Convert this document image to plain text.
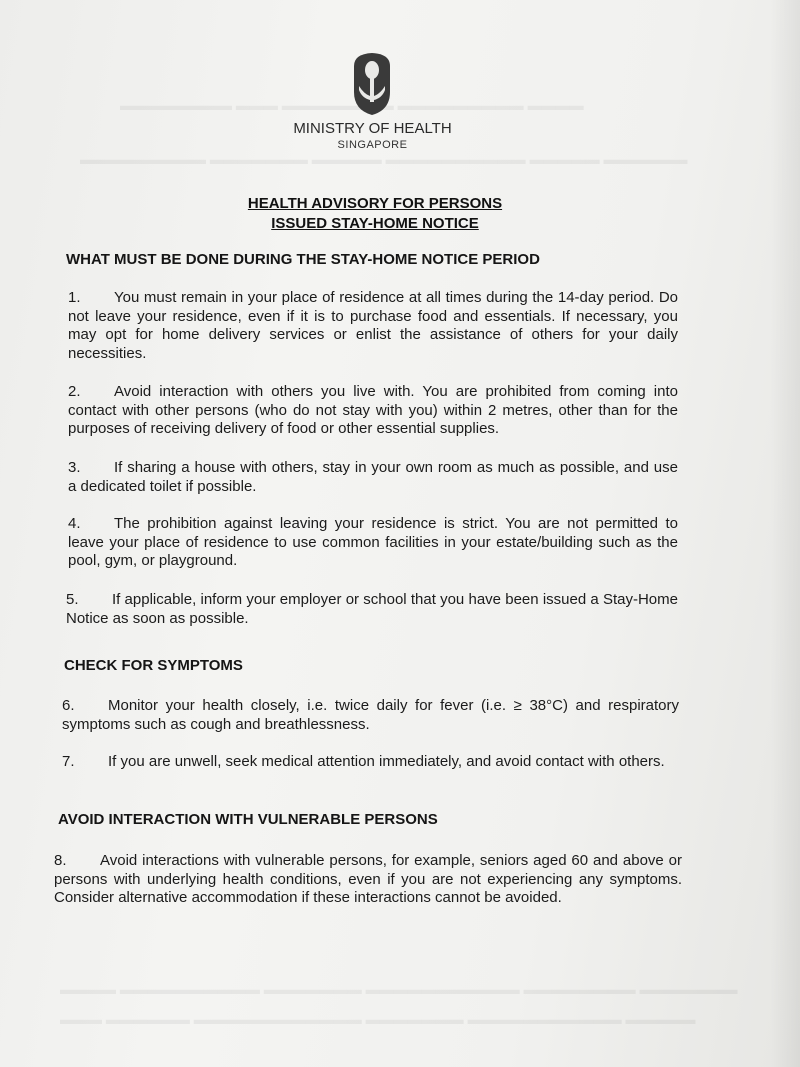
▬▬▬▬ ▬▬▬▬▬▬▬▬▬ ▬▬▬▬▬▬▬▬ ▬▬▬ ▬▬▬▬▬▬▬▬
▬▬▬▬▬▬ ▬▬▬▬▬ ▬▬▬▬▬▬▬▬▬▬ ▬▬▬▬▬ ▬▬▬▬▬▬▬ ▬▬▬▬▬▬▬▬▬
▬▬▬▬▬▬▬ ▬▬▬▬▬▬▬▬ ▬▬▬▬▬▬▬▬▬▬▬ ▬▬▬▬▬▬▬ ▬▬▬▬▬▬▬▬▬▬ ▬▬▬▬
▬▬▬▬▬ ▬▬▬▬▬▬▬▬▬▬▬ ▬▬▬▬▬▬▬ ▬▬▬▬▬▬▬▬▬▬▬▬ ▬▬▬▬▬▬ ▬▬▬
MINISTRY OF HEALTH
SINGAPORE
HEALTH ADVISORY FOR PERSONS
ISSUED STAY-HOME NOTICE
WHAT MUST BE DONE DURING THE STAY-HOME NOTICE PERIOD
1. You must remain in your place of residence at all times during the 14-day period. Do not leave your residence, even if it is to purchase food and essentials. If necessary, you may opt for home delivery services or enlist the assistance of others for your daily necessities.
2. Avoid interaction with others you live with. You are prohibited from coming into contact with other persons (who do not stay with you) within 2 metres, other than for the purposes of receiving delivery of food or other essential supplies.
3. If sharing a house with others, stay in your own room as much as possible, and use a dedicated toilet if possible.
4. The prohibition against leaving your residence is strict. You are not permitted to leave your place of residence to use common facilities in your estate/building such as the pool, gym, or playground.
5. If applicable, inform your employer or school that you have been issued a Stay-Home Notice as soon as possible.
CHECK FOR SYMPTOMS
6. Monitor your health closely, i.e. twice daily for fever (i.e. ≥ 38°C) and respiratory symptoms such as cough and breathlessness.
7. If you are unwell, seek medical attention immediately, and avoid contact with others.
AVOID INTERACTION WITH VULNERABLE PERSONS
8. Avoid interactions with vulnerable persons, for example, seniors aged 60 and above or persons with underlying health conditions, even if you are not experiencing any symptoms. Consider alternative accommodation if these interactions cannot be avoided.
